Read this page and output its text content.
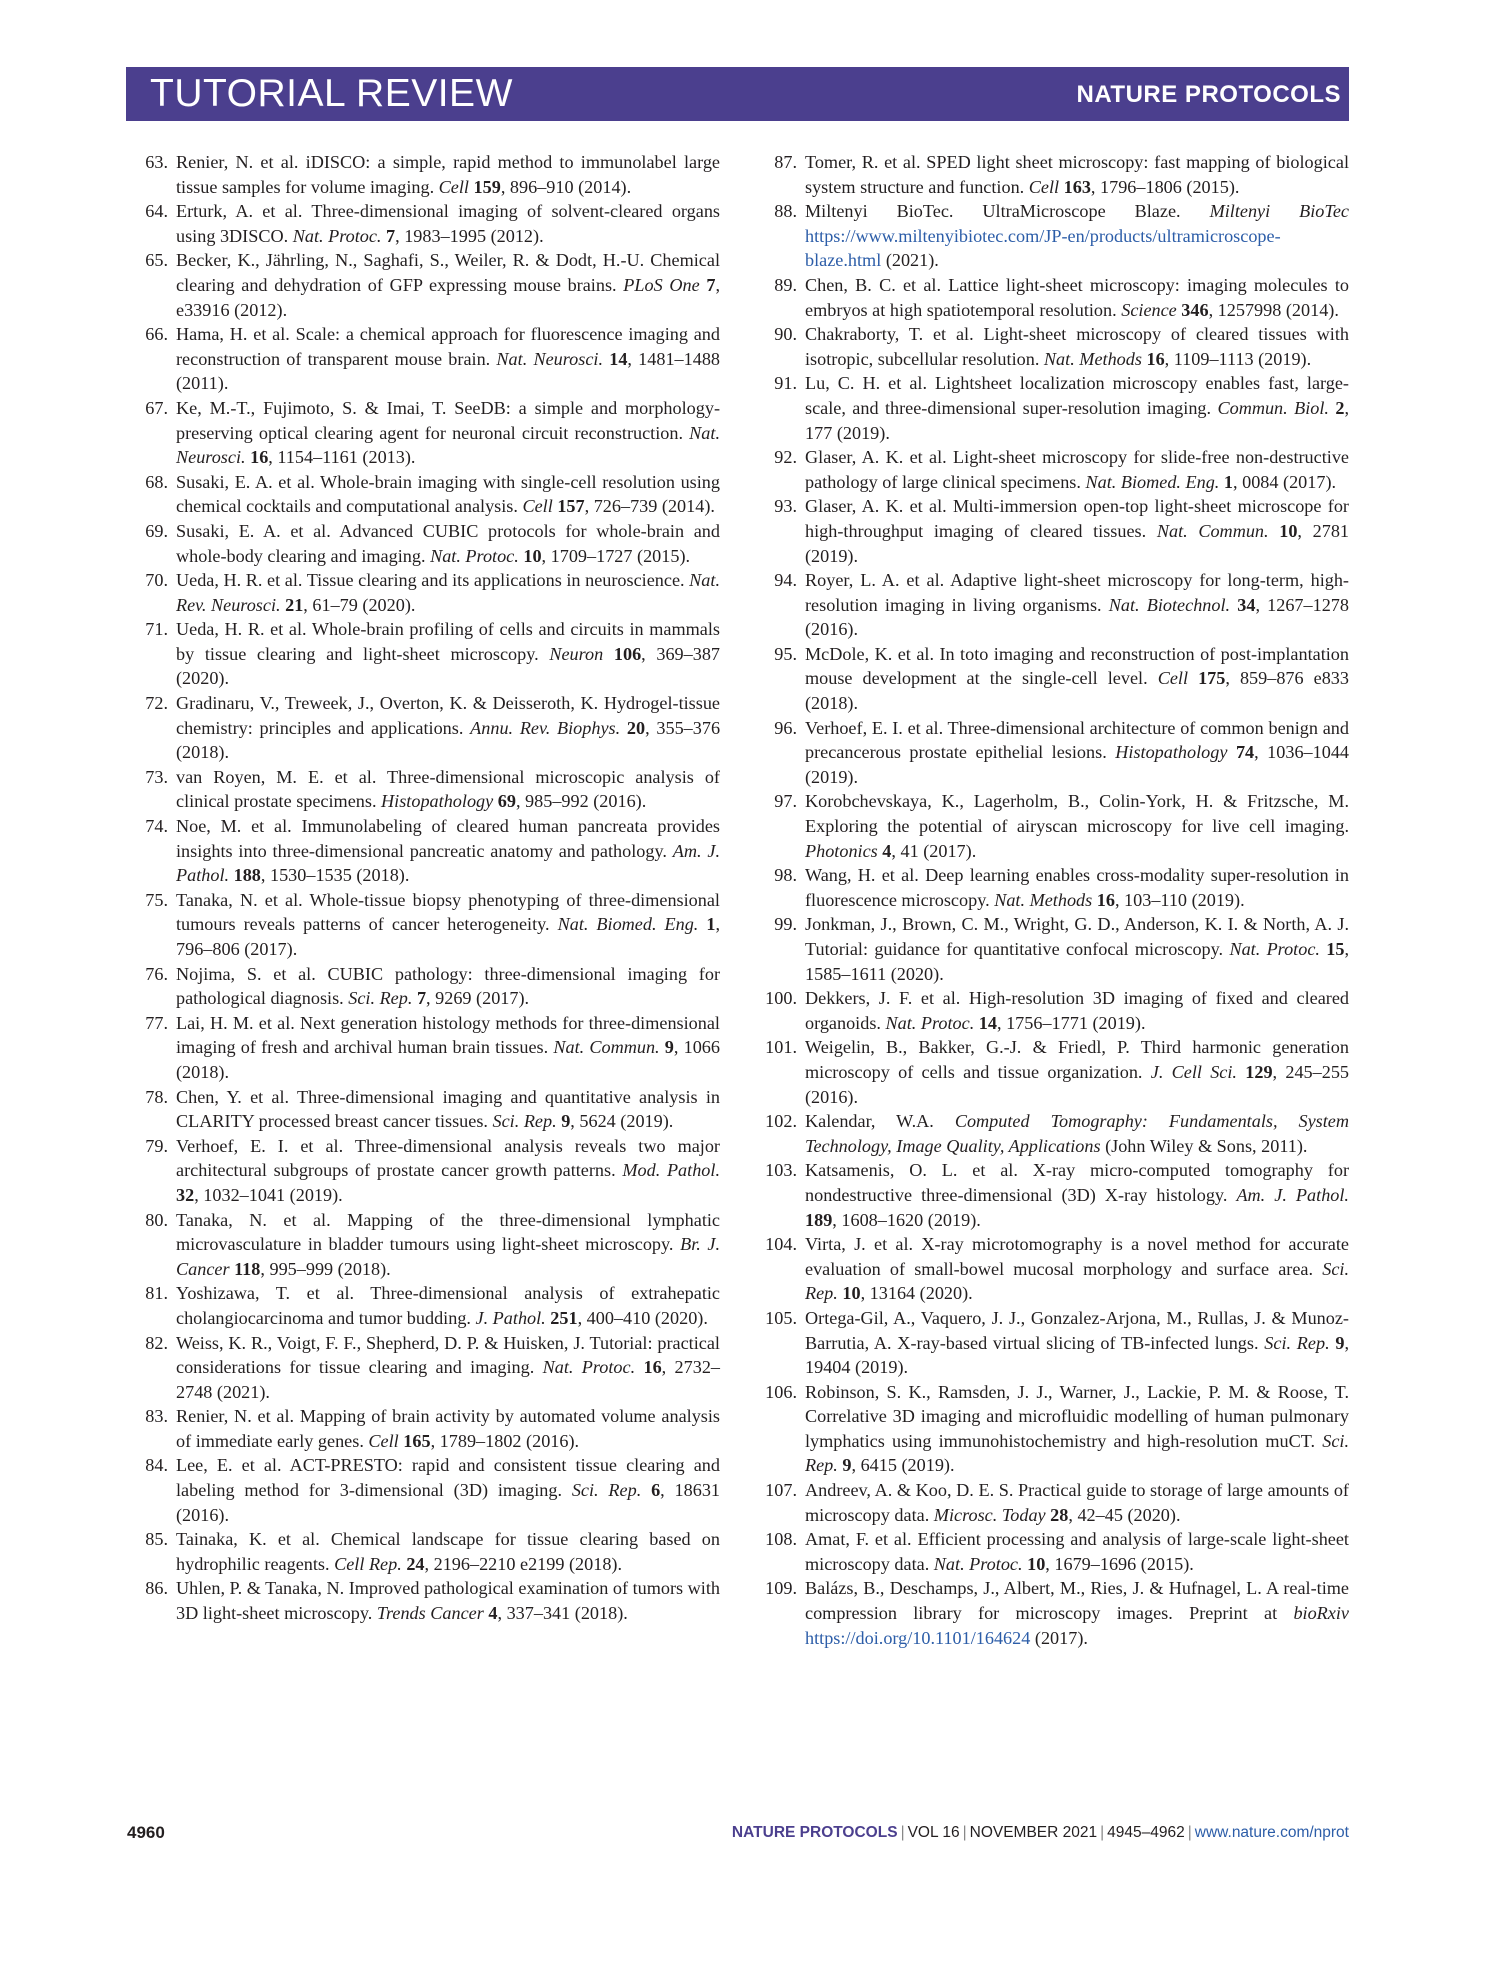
TUTORIAL REVIEW	NATURE PROTOCOLS
63. Renier, N. et al. iDISCO: a simple, rapid method to immunolabel large tissue samples for volume imaging. Cell 159, 896–910 (2014).
64. Erturk, A. et al. Three-dimensional imaging of solvent-cleared organs using 3DISCO. Nat. Protoc. 7, 1983–1995 (2012).
65. Becker, K., Jährling, N., Saghafi, S., Weiler, R. & Dodt, H.-U. Chemical clearing and dehydration of GFP expressing mouse brains. PLoS One 7, e33916 (2012).
66. Hama, H. et al. Scale: a chemical approach for fluorescence imaging and reconstruction of transparent mouse brain. Nat. Neurosci. 14, 1481–1488 (2011).
67. Ke, M.-T., Fujimoto, S. & Imai, T. SeeDB: a simple and morphology-preserving optical clearing agent for neuronal circuit reconstruction. Nat. Neurosci. 16, 1154–1161 (2013).
68. Susaki, E. A. et al. Whole-brain imaging with single-cell resolution using chemical cocktails and computational analysis. Cell 157, 726–739 (2014).
69. Susaki, E. A. et al. Advanced CUBIC protocols for whole-brain and whole-body clearing and imaging. Nat. Protoc. 10, 1709–1727 (2015).
70. Ueda, H. R. et al. Tissue clearing and its applications in neuroscience. Nat. Rev. Neurosci. 21, 61–79 (2020).
71. Ueda, H. R. et al. Whole-brain profiling of cells and circuits in mammals by tissue clearing and light-sheet microscopy. Neuron 106, 369–387 (2020).
72. Gradinaru, V., Treweek, J., Overton, K. & Deisseroth, K. Hydrogel-tissue chemistry: principles and applications. Annu. Rev. Biophys. 20, 355–376 (2018).
73. van Royen, M. E. et al. Three-dimensional microscopic analysis of clinical prostate specimens. Histopathology 69, 985–992 (2016).
74. Noe, M. et al. Immunolabeling of cleared human pancreata provides insights into three-dimensional pancreatic anatomy and pathology. Am. J. Pathol. 188, 1530–1535 (2018).
75. Tanaka, N. et al. Whole-tissue biopsy phenotyping of three-dimensional tumours reveals patterns of cancer heterogeneity. Nat. Biomed. Eng. 1, 796–806 (2017).
76. Nojima, S. et al. CUBIC pathology: three-dimensional imaging for pathological diagnosis. Sci. Rep. 7, 9269 (2017).
77. Lai, H. M. et al. Next generation histology methods for three-dimensional imaging of fresh and archival human brain tissues. Nat. Commun. 9, 1066 (2018).
78. Chen, Y. et al. Three-dimensional imaging and quantitative analysis in CLARITY processed breast cancer tissues. Sci. Rep. 9, 5624 (2019).
79. Verhoef, E. I. et al. Three-dimensional analysis reveals two major architectural subgroups of prostate cancer growth patterns. Mod. Pathol. 32, 1032–1041 (2019).
80. Tanaka, N. et al. Mapping of the three-dimensional lymphatic microvasculature in bladder tumours using light-sheet microscopy. Br. J. Cancer 118, 995–999 (2018).
81. Yoshizawa, T. et al. Three-dimensional analysis of extrahepatic cholangiocarcinoma and tumor budding. J. Pathol. 251, 400–410 (2020).
82. Weiss, K. R., Voigt, F. F., Shepherd, D. P. & Huisken, J. Tutorial: practical considerations for tissue clearing and imaging. Nat. Protoc. 16, 2732–2748 (2021).
83. Renier, N. et al. Mapping of brain activity by automated volume analysis of immediate early genes. Cell 165, 1789–1802 (2016).
84. Lee, E. et al. ACT-PRESTO: rapid and consistent tissue clearing and labeling method for 3-dimensional (3D) imaging. Sci. Rep. 6, 18631 (2016).
85. Tainaka, K. et al. Chemical landscape for tissue clearing based on hydrophilic reagents. Cell Rep. 24, 2196–2210 e2199 (2018).
86. Uhlen, P. & Tanaka, N. Improved pathological examination of tumors with 3D light-sheet microscopy. Trends Cancer 4, 337–341 (2018).
87. Tomer, R. et al. SPED light sheet microscopy: fast mapping of biological system structure and function. Cell 163, 1796–1806 (2015).
88. Miltenyi BioTec. UltraMicroscope Blaze. Miltenyi BioTec https://www.miltenyibiotec.com/JP-en/products/ultramicroscope-blaze.html (2021).
89. Chen, B. C. et al. Lattice light-sheet microscopy: imaging molecules to embryos at high spatiotemporal resolution. Science 346, 1257998 (2014).
90. Chakraborty, T. et al. Light-sheet microscopy of cleared tissues with isotropic, subcellular resolution. Nat. Methods 16, 1109–1113 (2019).
91. Lu, C. H. et al. Lightsheet localization microscopy enables fast, large-scale, and three-dimensional super-resolution imaging. Commun. Biol. 2, 177 (2019).
92. Glaser, A. K. et al. Light-sheet microscopy for slide-free non-destructive pathology of large clinical specimens. Nat. Biomed. Eng. 1, 0084 (2017).
93. Glaser, A. K. et al. Multi-immersion open-top light-sheet microscope for high-throughput imaging of cleared tissues. Nat. Commun. 10, 2781 (2019).
94. Royer, L. A. et al. Adaptive light-sheet microscopy for long-term, high-resolution imaging in living organisms. Nat. Biotechnol. 34, 1267–1278 (2016).
95. McDole, K. et al. In toto imaging and reconstruction of post-implantation mouse development at the single-cell level. Cell 175, 859–876 e833 (2018).
96. Verhoef, E. I. et al. Three-dimensional architecture of common benign and precancerous prostate epithelial lesions. Histopathology 74, 1036–1044 (2019).
97. Korobchevskaya, K., Lagerholm, B., Colin-York, H. & Fritzsche, M. Exploring the potential of airyscan microscopy for live cell imaging. Photonics 4, 41 (2017).
98. Wang, H. et al. Deep learning enables cross-modality super-resolution in fluorescence microscopy. Nat. Methods 16, 103–110 (2019).
99. Jonkman, J., Brown, C. M., Wright, G. D., Anderson, K. I. & North, A. J. Tutorial: guidance for quantitative confocal microscopy. Nat. Protoc. 15, 1585–1611 (2020).
100. Dekkers, J. F. et al. High-resolution 3D imaging of fixed and cleared organoids. Nat. Protoc. 14, 1756–1771 (2019).
101. Weigelin, B., Bakker, G.-J. & Friedl, P. Third harmonic generation microscopy of cells and tissue organization. J. Cell Sci. 129, 245–255 (2016).
102. Kalendar, W.A. Computed Tomography: Fundamentals, System Technology, Image Quality, Applications (John Wiley & Sons, 2011).
103. Katsamenis, O. L. et al. X-ray micro-computed tomography for nondestructive three-dimensional (3D) X-ray histology. Am. J. Pathol. 189, 1608–1620 (2019).
104. Virta, J. et al. X-ray microtomography is a novel method for accurate evaluation of small-bowel mucosal morphology and surface area. Sci. Rep. 10, 13164 (2020).
105. Ortega-Gil, A., Vaquero, J. J., Gonzalez-Arjona, M., Rullas, J. & Munoz-Barrutia, A. X-ray-based virtual slicing of TB-infected lungs. Sci. Rep. 9, 19404 (2019).
106. Robinson, S. K., Ramsden, J. J., Warner, J., Lackie, P. M. & Roose, T. Correlative 3D imaging and microfluidic modelling of human pulmonary lymphatics using immunohistochemistry and high-resolution muCT. Sci. Rep. 9, 6415 (2019).
107. Andreev, A. & Koo, D. E. S. Practical guide to storage of large amounts of microscopy data. Microsc. Today 28, 42–45 (2020).
108. Amat, F. et al. Efficient processing and analysis of large-scale light-sheet microscopy data. Nat. Protoc. 10, 1679–1696 (2015).
109. Balázs, B., Deschamps, J., Albert, M., Ries, J. & Hufnagel, L. A real-time compression library for microscopy images. Preprint at bioRxiv https://doi.org/10.1101/164624 (2017).
4960	NATURE PROTOCOLS | VOL 16 | NOVEMBER 2021 | 4945–4962 | www.nature.com/nprot
